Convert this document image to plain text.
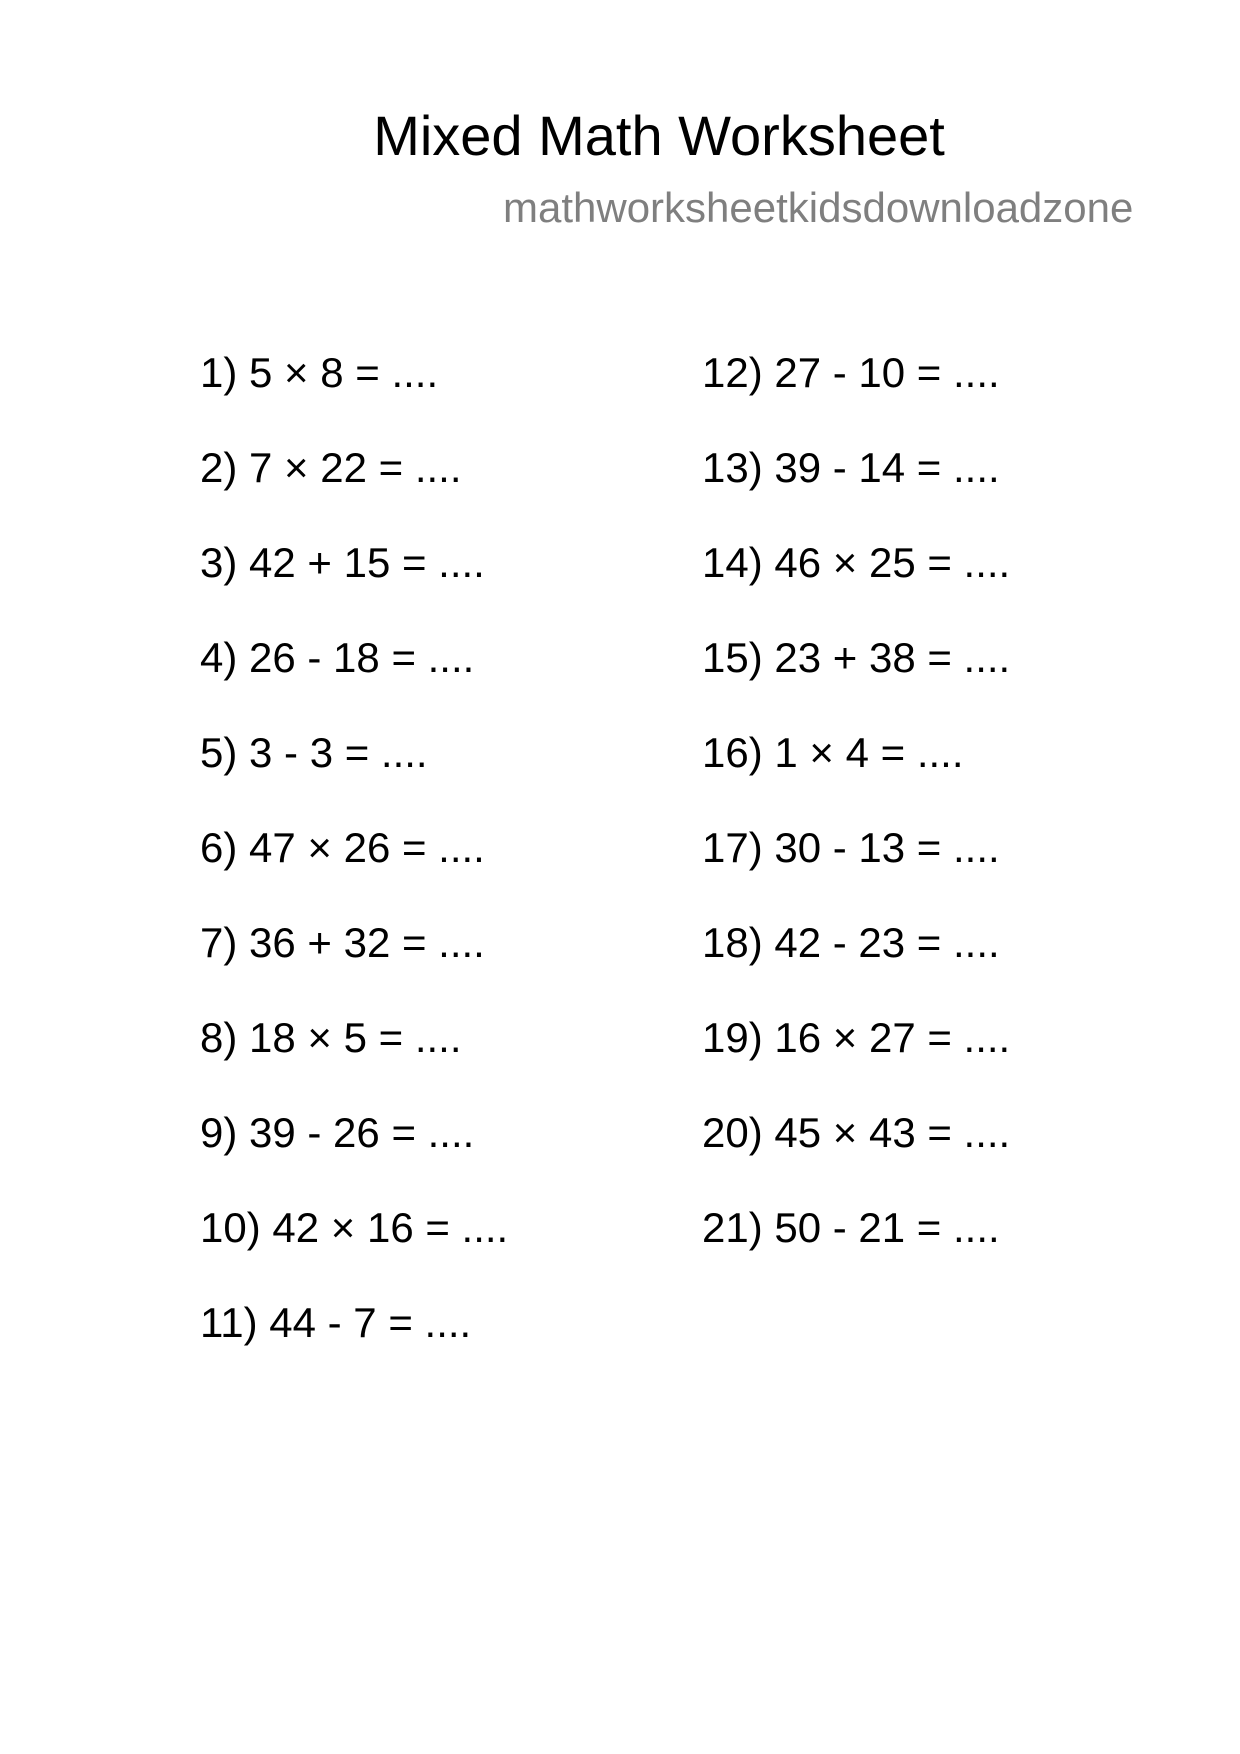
Mixed Math Worksheet
mathworksheetkidsdownloadzone
1) 5 × 8 = ....
2) 7 × 22 = ....
3) 42 + 15 = ....
4) 26 - 18 = ....
5) 3 - 3 = ....
6) 47 × 26 = ....
7) 36 + 32 = ....
8) 18 × 5 = ....
9) 39 - 26 = ....
10) 42 × 16 = ....
11) 44 - 7 = ....
12) 27 - 10 = ....
13) 39 - 14 = ....
14) 46 × 25 = ....
15) 23 + 38 = ....
16) 1 × 4 = ....
17) 30 - 13 = ....
18) 42 - 23 = ....
19) 16 × 27 = ....
20) 45 × 43 = ....
21) 50 - 21 = ....
